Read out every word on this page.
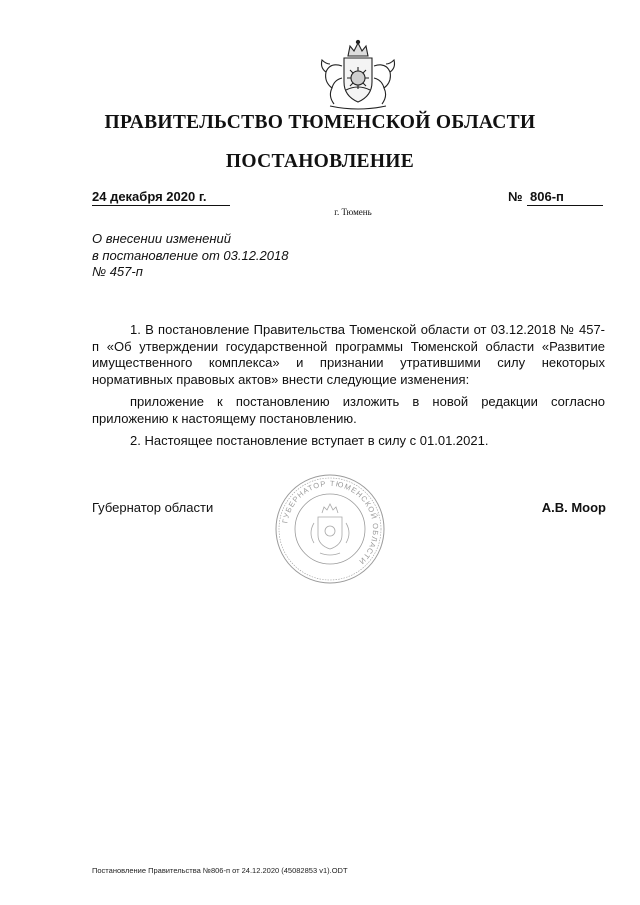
ПРАВИТЕЛЬСТВО ТЮМЕНСКОЙ ОБЛАСТИ
ПОСТАНОВЛЕНИЕ
24 декабря 2020 г.	№ 806-п
г. Тюмень
О внесении изменений
в постановление от 03.12.2018
№ 457-п

1. В постановление Правительства Тюменской области от 03.12.2018 № 457-п «Об утверждении государственной программы Тюменской области «Развитие имущественного комплекса» и признании утратившими силу некоторых нормативных правовых актов» внести следующие изменения:

приложение к постановлению изложить в новой редакции согласно приложению к настоящему постановлению.

2. Настоящее постановление вступает в силу с 01.01.2021.

ГУБЕРНАТОР ТЮМЕНСКОЙ ОБЛАСТИ
Губернатор области	А.В. Моор
Постановление Правительства №806-п от 24.12.2020 (45082853 v1).ODT
